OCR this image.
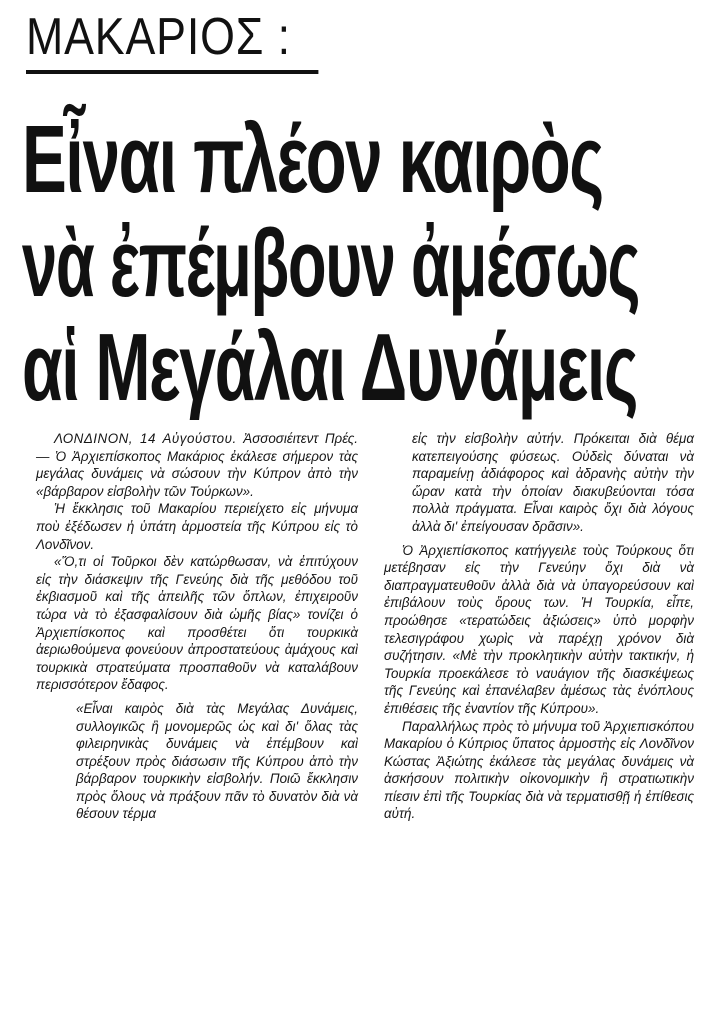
ΜΑΚΑΡΙΟΣ :
Εἶναι πλέον καιρὸς
νὰ ἐπέμβουν ἀμέσως
αἱ Μεγάλαι Δυνάμεις

ΛΟΝΔΙΝΟΝ, 14 Αὐγούστου. Ἀσσοσιέιτεντ Πρές. — Ὁ Ἀρχιεπίσκοπος Μακάριος ἐκάλεσε σήμερον τὰς μεγάλας δυνάμεις νὰ σώσουν τὴν Κύπρον ἀπὸ τὴν «βάρβαρον εἰσβολὴν τῶν Τούρκων».

Ἡ ἔκκλησις τοῦ Μακαρίου περιείχετο εἰς μήνυμα ποὺ ἐξέδωσεν ἡ ὑπάτη ἁρμοστεία τῆς Κύπρου εἰς τὸ Λονδῖνον.

«Ὅ,τι οἱ Τοῦρκοι δὲν κατώρθωσαν, νὰ ἐπιτύχουν εἰς τὴν διάσκεψιν τῆς Γενεύης διὰ τῆς μεθόδου τοῦ ἐκβιασμοῦ καὶ τῆς ἀπειλῆς τῶν ὅπλων, ἐπιχειροῦν τώρα νὰ τὸ ἐξασφαλίσουν διὰ ὠμῆς βίας» τονίζει ὁ Ἀρχιεπίσκοπος καὶ προσθέτει ὅτι τουρκικὰ ἀεριωθούμενα φονεύουν ἀπροστατεύους ἀμάχους καὶ τουρκικὰ στρατεύματα προσπαθοῦν νὰ καταλάβουν περισσότερον ἔδαφος.

«Εἶναι καιρὸς διὰ τὰς Μεγάλας Δυνάμεις, συλλογικῶς ἢ μονομερῶς ὡς καὶ δι' ὅλας τὰς φιλειρηνικὰς δυνάμεις νὰ ἐπέμβουν καὶ στρέξουν πρὸς διάσωσιν τῆς Κύπρου ἀπὸ τὴν βάρβαρον τουρκικὴν εἰσβολήν. Ποιῶ ἔκκλησιν πρὸς ὅλους νὰ πράξουν πᾶν τὸ δυνατὸν διὰ νὰ θέσουν τέρμα

εἰς τὴν εἰσβολὴν αὐτήν. Πρόκειται διὰ θέμα κατεπειγούσης φύσεως. Οὐδεὶς δύναται νὰ παραμείνῃ ἀδιάφορος καὶ ἀδρανὴς αὐτὴν τὴν ὥραν κατὰ τὴν ὁποίαν διακυβεύονται τόσα πολλὰ πράγματα. Εἶναι καιρὸς ὄχι διὰ λόγους ἀλλὰ δι' ἐπείγουσαν δρᾶσιν».

Ὁ Ἀρχιεπίσκοπος κατήγγειλε τοὺς Τούρκους ὅτι μετέβησαν εἰς τὴν Γενεύην ὄχι διὰ νὰ διαπραγματευθοῦν ἀλλὰ διὰ νὰ ὑπαγορεύσουν καὶ ἐπιβάλουν τοὺς ὅρους των. Ἡ Τουρκία, εἶπε, προώθησε «τερατώδεις ἀξιώσεις» ὑπὸ μορφὴν τελεσιγράφου χωρὶς νὰ παρέχῃ χρόνον διὰ συζήτησιν. «Μὲ τὴν προκλητικὴν αὐτὴν τακτικήν, ἡ Τουρκία προεκάλεσε τὸ ναυάγιον τῆς διασκέψεως τῆς Γενεύης καὶ ἐπανέλαβεν ἀμέσως τὰς ἐνόπλους ἐπιθέσεις τῆς ἐναντίον τῆς Κύπρου».

Παραλλήλως πρὸς τὸ μήνυμα τοῦ Ἀρχιεπισκόπου Μακαρίου ὁ Κύπριος ὕπατος ἁρμοστὴς εἰς Λονδῖνον Κώστας Ἀξιώτης ἐκάλεσε τὰς μεγάλας δυνάμεις νὰ ἀσκήσουν πολιτικὴν οἰκονομικὴν ἢ στρατιωτικὴν πίεσιν ἐπὶ τῆς Τουρκίας διὰ νὰ τερματισθῇ ἡ ἐπίθεσις αὐτή.
